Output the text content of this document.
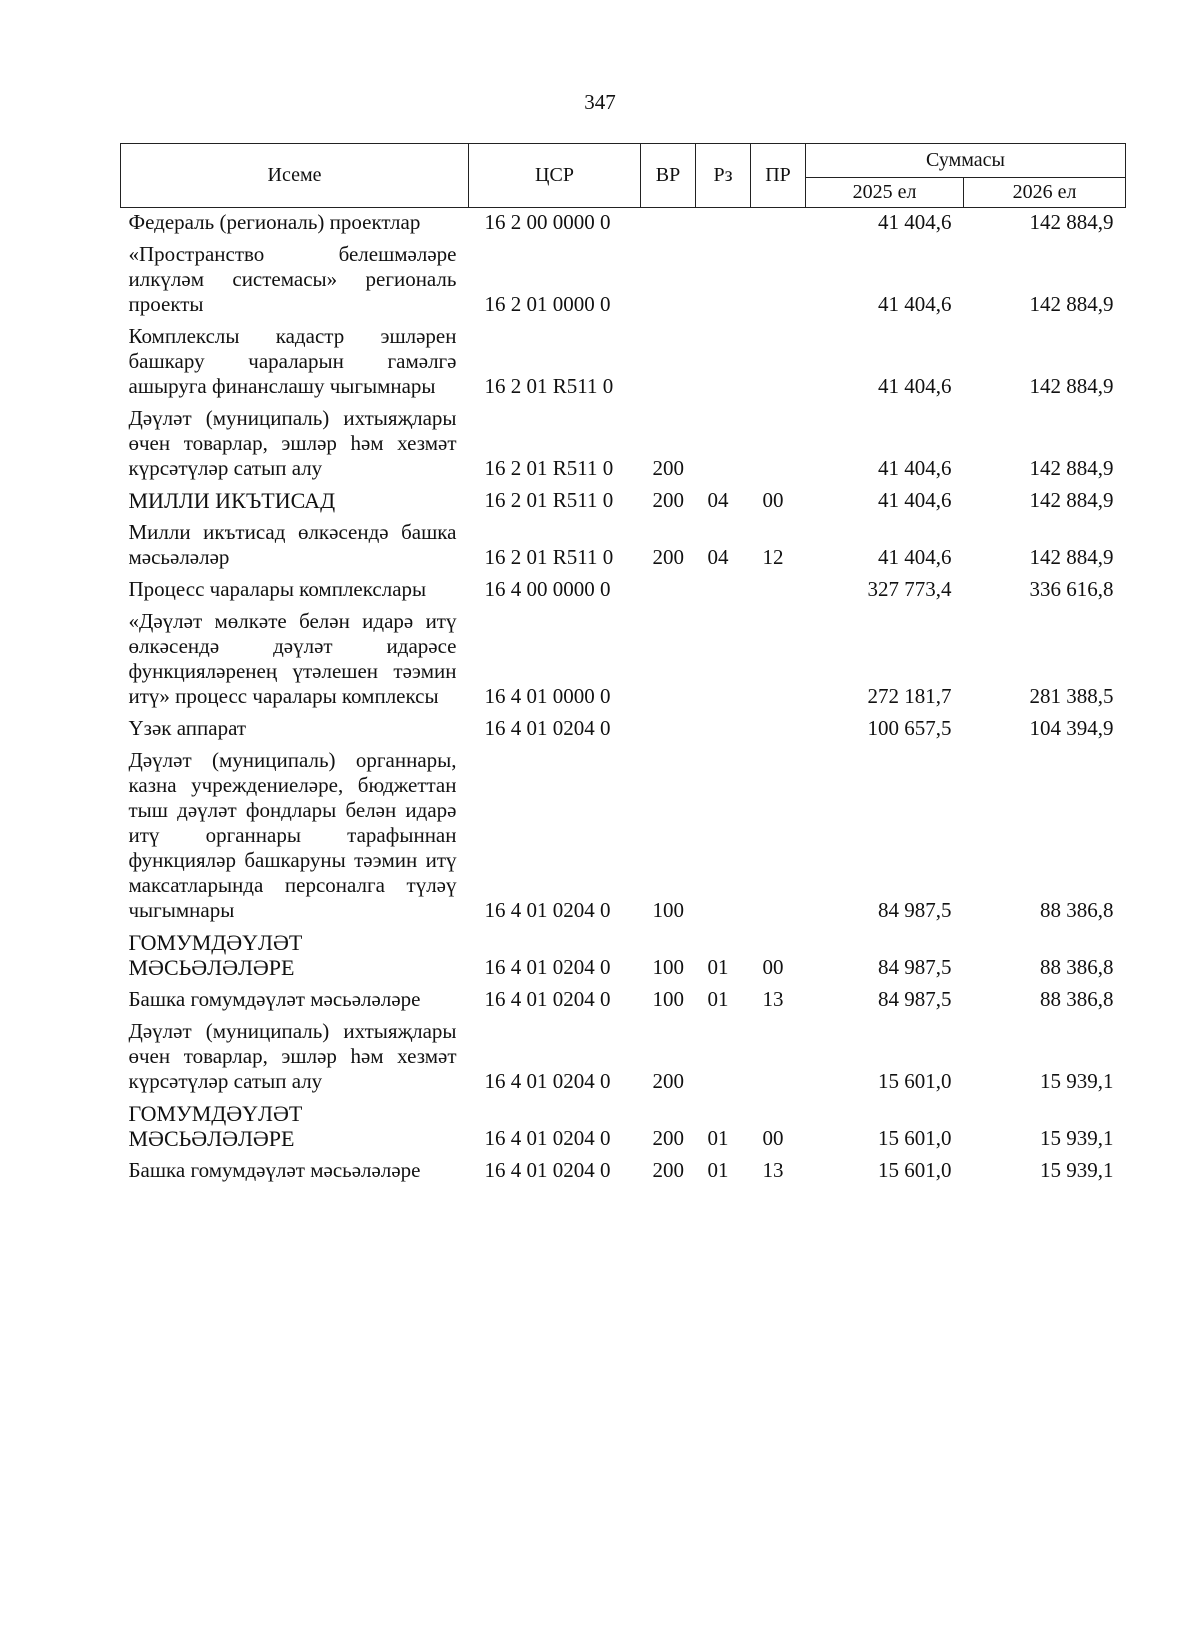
347
Исеме	ЦСР	ВР	Рз	ПР	Суммасы	
					2025 ел	2026 ел
Федераль (региональ) проектлар	16 2 00 0000 0				41 404,6	142 884,9
«Пространство белешмәләре илкүләм системасы» региональ проекты	16 2 01 0000 0				41 404,6	142 884,9
Комплекслы кадастр эшләрен башкару чараларын гамәлгә ашыруга финанслашу чыгымнары	16 2 01 R511 0				41 404,6	142 884,9
Дәүләт (муниципаль) ихтыяҗлары өчен товарлар, эшләр һәм хезмәт күрсәтүләр сатып алу	16 2 01 R511 0	200			41 404,6	142 884,9
МИЛЛИ ИКЪТИСАД	16 2 01 R511 0	200	04	00	41 404,6	142 884,9
Милли икътисад өлкәсендә башка мәсьәләләр	16 2 01 R511 0	200	04	12	41 404,6	142 884,9
Процесс чаралары комплекслары	16 4 00 0000 0				327 773,4	336 616,8
«Дәүләт мөлкәте белән идарә итү өлкәсендә дәүләт идарәсе функцияләренең үтәлешен тәэмин итү» процесс чаралары комплексы	16 4 01 0000 0				272 181,7	281 388,5
Үзәк аппарат	16 4 01 0204 0				100 657,5	104 394,9
Дәүләт (муниципаль) органнары, казна учреждениеләре, бюджеттан тыш дәүләт фондлары белән идарә итү органнары тарафыннан функцияләр башкаруны тәэмин итү максатларында персоналга түләү чыгымнары	16 4 01 0204 0	100			84 987,5	88 386,8
ГОМУМДӘҮЛӘТ МӘСЬӘЛӘЛӘРЕ	16 4 01 0204 0	100	01	00	84 987,5	88 386,8
Башка гомумдәүләт мәсьәләләре	16 4 01 0204 0	100	01	13	84 987,5	88 386,8
Дәүләт (муниципаль) ихтыяҗлары өчен товарлар, эшләр һәм хезмәт күрсәтүләр сатып алу	16 4 01 0204 0	200			15 601,0	15 939,1
ГОМУМДӘҮЛӘТ МӘСЬӘЛӘЛӘРЕ	16 4 01 0204 0	200	01	00	15 601,0	15 939,1
Башка гомумдәүләт мәсьәләләре	16 4 01 0204 0	200	01	13	15 601,0	15 939,1
